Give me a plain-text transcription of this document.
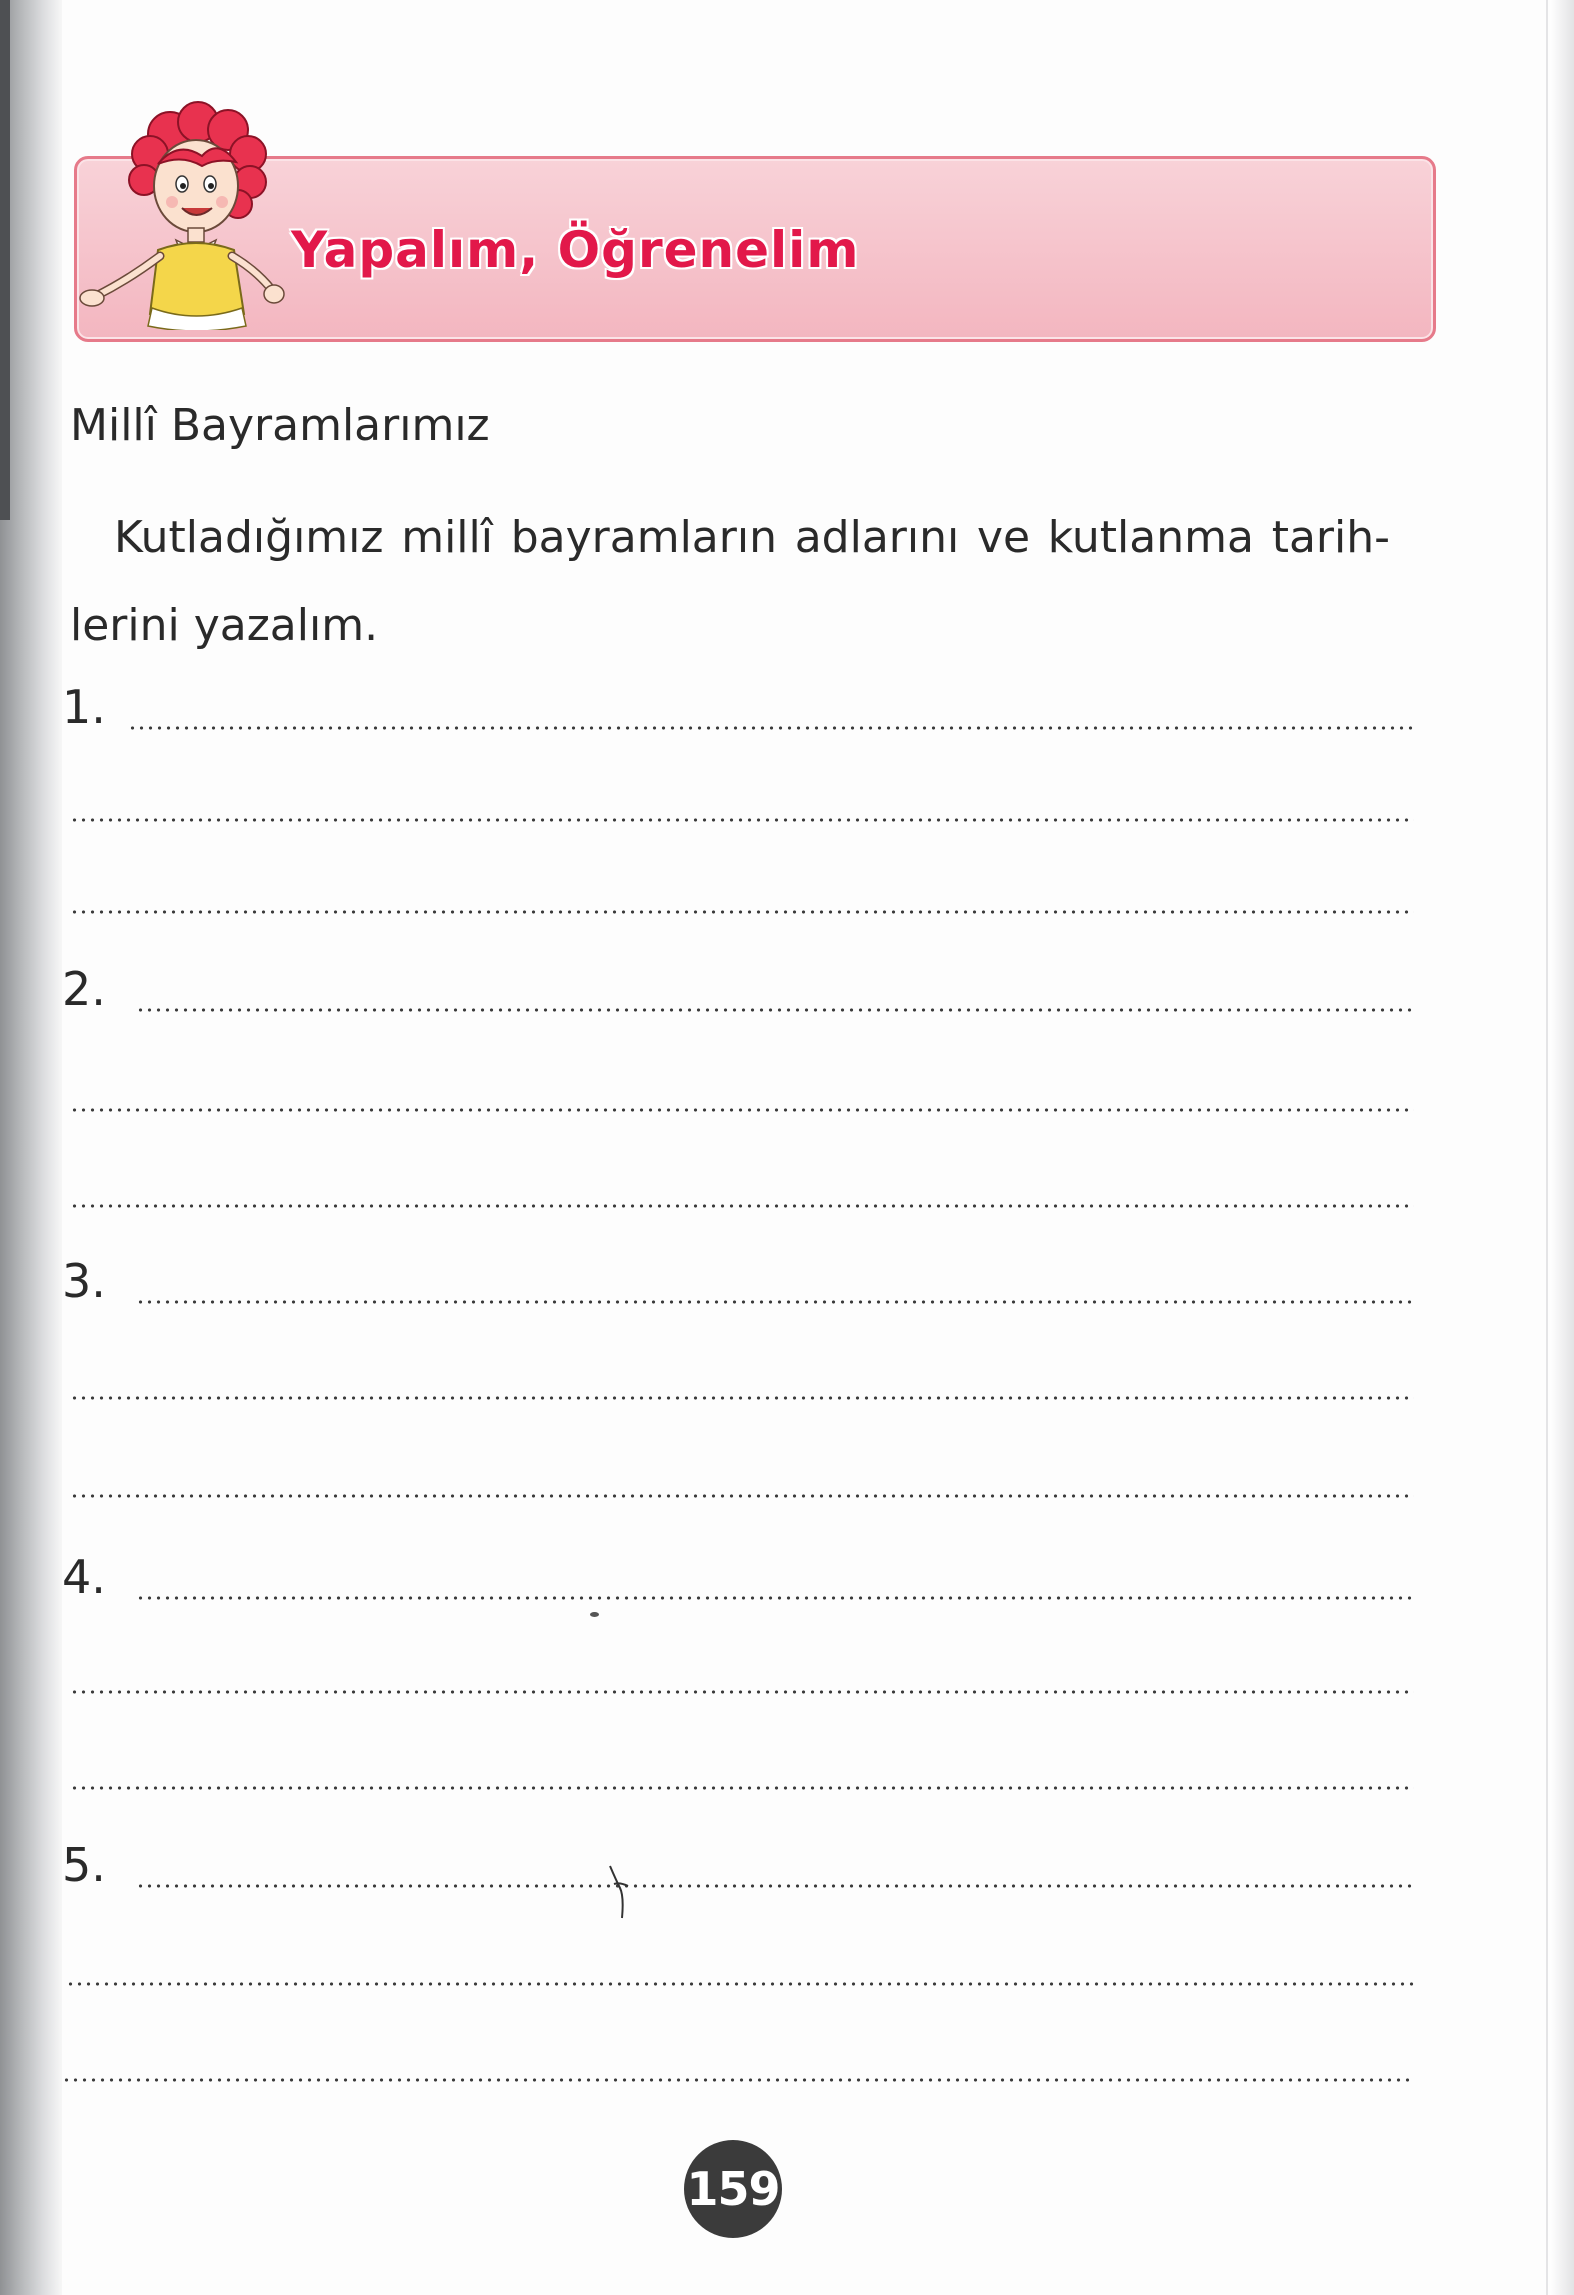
Yapalım, Öğrenelim
Millî Bayramlarımız
Kutladığımız millî bayramların adlarını ve kutlanma tarih-lerini yazalım.
1.
2.
3.
4.
5.
159
